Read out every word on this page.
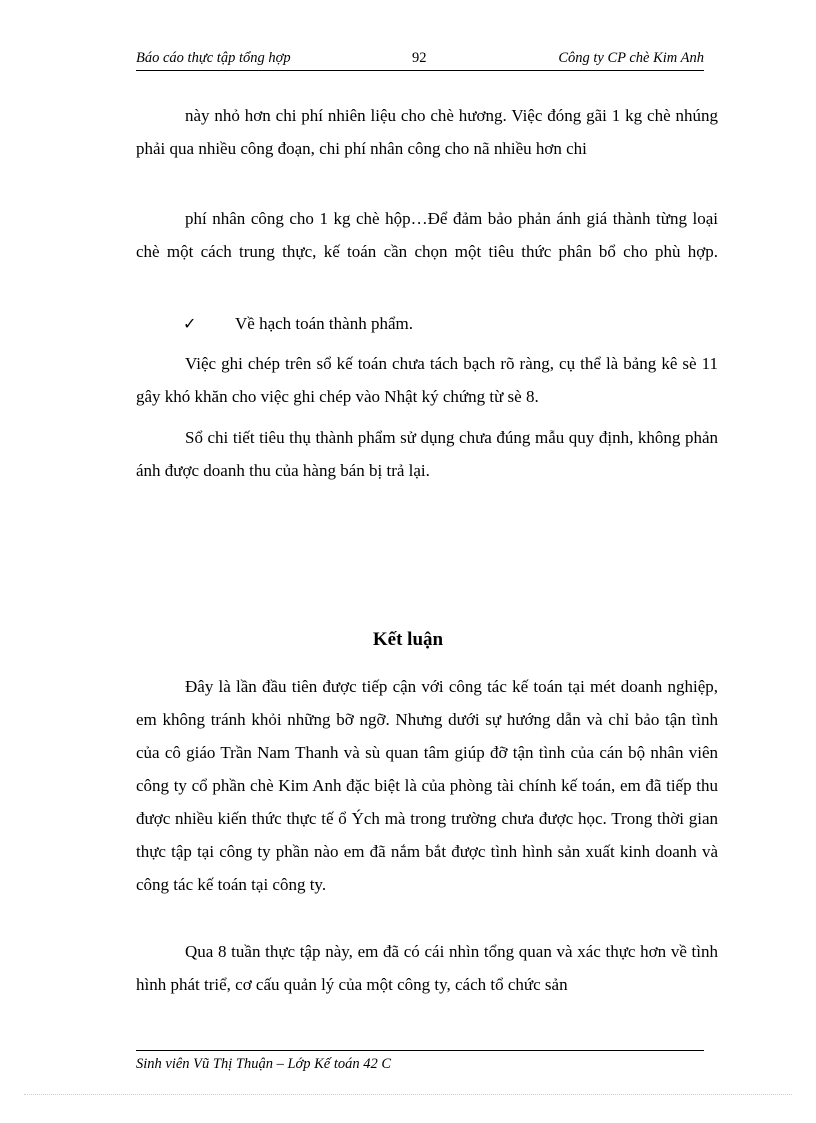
Báo cáo thực tập tổng hợp	92	Công ty CP chè Kim Anh

này nhỏ hơn chi phí nhiên liệu cho chè hương. Việc đóng gãi 1 kg chè nhúng phải qua nhiều công đoạn, chi phí nhân công cho nã nhiều hơn chi

phí nhân công cho 1 kg chè hộp…Để đảm bảo phản ánh giá thành từng loại chè một cách trung thực, kế toán cần chọn một tiêu thức phân bổ cho phù hợp.

✓ Về hạch toán thành phẩm.

Việc ghi chép trên sổ kế toán chưa tách bạch rõ ràng, cụ thể là bảng kê sè 11 gây khó khăn cho việc ghi chép vào Nhật ký chứng từ sè 8.

Sổ chi tiết tiêu thụ thành phẩm sử dụng chưa đúng mẫu quy định, không phản ánh được doanh thu của hàng bán bị trả lại.

Kết luận

Đây là lần đầu tiên được tiếp cận với công tác kế toán tại mét doanh nghiệp, em không tránh khỏi những bỡ ngỡ. Nhưng dưới sự hướng dẫn và chỉ bảo tận tình của cô giáo Trần Nam Thanh và sù quan tâm giúp đỡ tận tình của cán bộ nhân viên công ty cổ phần chè Kim Anh đặc biệt là của phòng tài chính kế toán, em đã tiếp thu được nhiều kiến thức thực tế ổ Ých mà trong trường chưa được học. Trong thời gian thực tập tại công ty phần nào em đã nắm bắt được tình hình sản xuất kinh doanh và công tác kế toán tại công ty.

Qua 8 tuần thực tập này, em đã có cái nhìn tổng quan và xác thực hơn về tình hình phát triể, cơ cấu quản lý của một công ty, cách tổ chức sản

Sinh viên Vũ Thị Thuận – Lớp Kế toán 42 C
